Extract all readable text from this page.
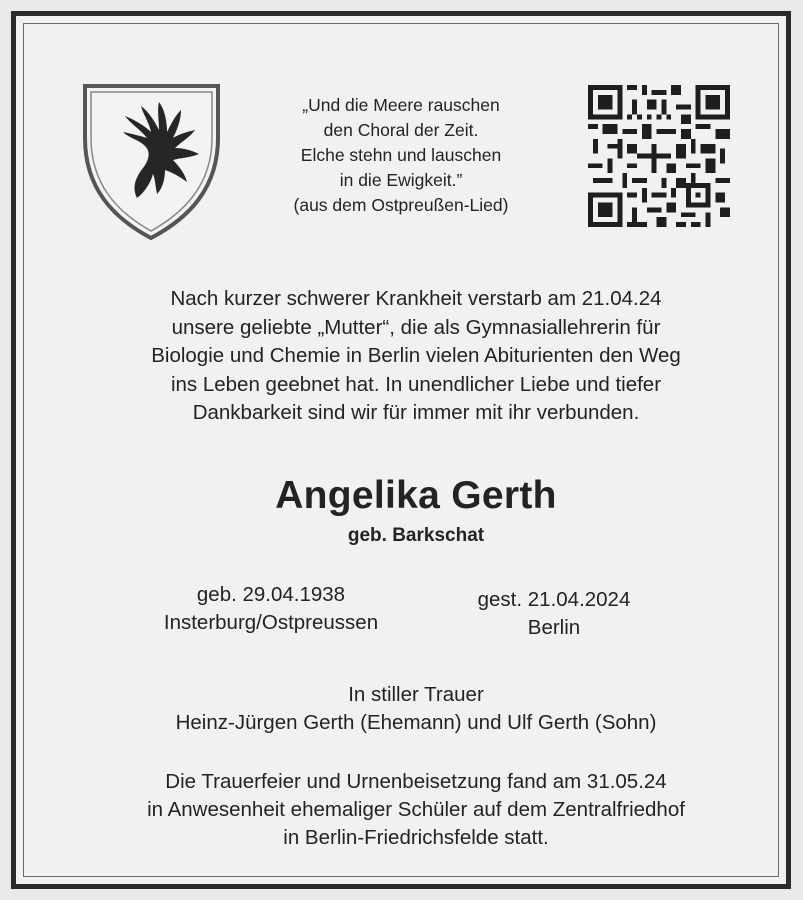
„Und die Meere rauschen
den Choral der Zeit.
Elche stehn und lauschen
in die Ewigkeit.”
(aus dem Ostpreußen-Lied)
Nach kurzer schwerer Krankheit verstarb am 21.04.24
unsere geliebte „Mutter“, die als Gymnasiallehrerin für
Biologie und Chemie in Berlin vielen Abiturienten den Weg
ins Leben geebnet hat. In unendlicher Liebe und tiefer
Dankbarkeit sind wir für immer mit ihr verbunden.
Angelika Gerth
geb. Barkschat
geb. 29.04.1938
Insterburg/Ostpreussen
gest. 21.04.2024
Berlin
In stiller Trauer
Heinz-Jürgen Gerth (Ehemann) und Ulf Gerth (Sohn)
Die Trauerfeier und Urnenbeisetzung fand am 31.05.24
in Anwesenheit ehemaliger Schüler auf dem Zentralfriedhof
in Berlin-Friedrichsfelde statt.
